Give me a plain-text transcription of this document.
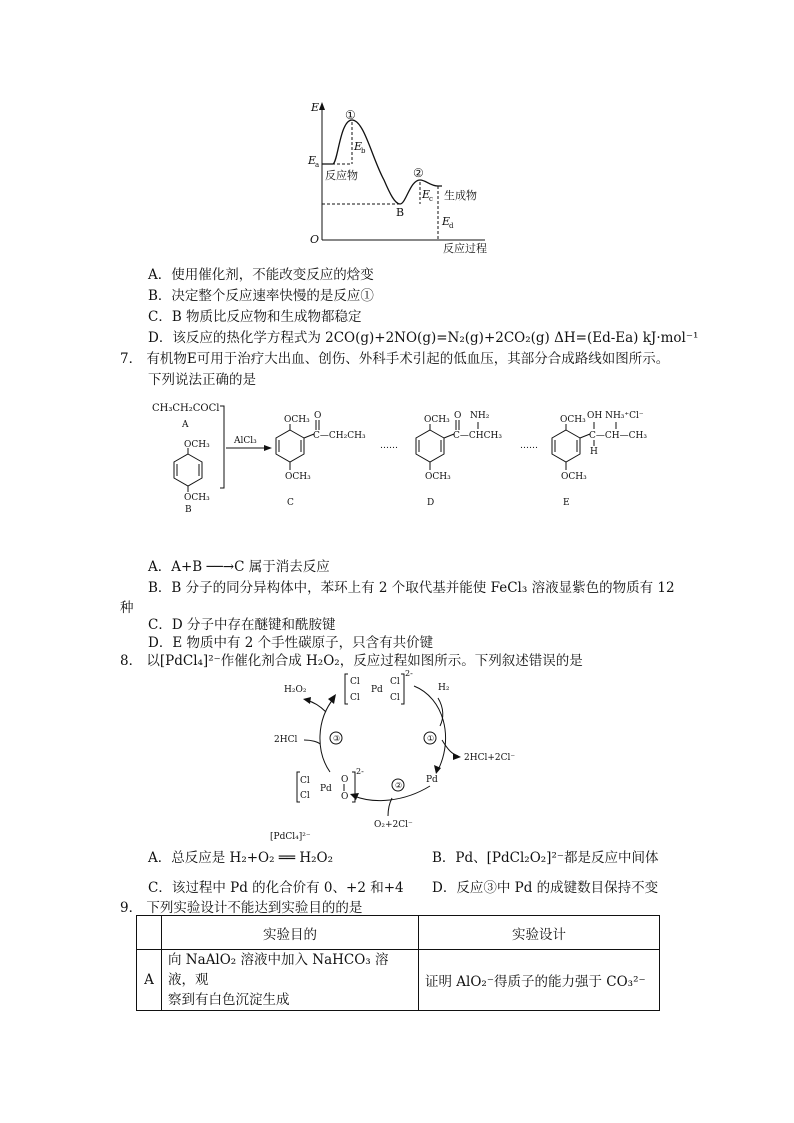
E
O
①
E
b
E
a
反应物	②
E
c 生成物
B
E
d
反应过程
A．使用催化剂，不能改变反应的焓变
B．决定整个反应速率快慢的是反应①
C．B 物质比反应物和生成物都稳定
D．该反应的热化学方程式为 2CO(g)+2NO(g)=N₂(g)+2CO₂(g) ΔH=(Ed-Ea) kJ·mol⁻¹
7． 有机物E可用于治疗大出血、创伤、外科手术引起的低血压，其部分合成路线如图所示。
下列说法正确的是
CH₃CH₂COCl
A
OCH₃
OCH₃
B
AlCl₃
OCH₃ O
C—CH₂CH₃
OCH₃
C
……
OCH₃ O NH₂
C—CHCH₃
OCH₃
D
……
OCH₃ OH NH₃⁺Cl⁻
C—CH—CH₃
H
OCH₃
E
A．A+B ──→C 属于消去反应
B．B 分子的同分异构体中，苯环上有 2 个取代基并能使 FeCl₃ 溶液显紫色的物质有 12
种
C．D 分子中存在醚键和酰胺键
D．E 物质中有 2 个手性碳原子，只含有共价键
8． 以[PdCl₄]²⁻作催化剂合成 H₂O₂，反应过程如图所示。下列叙述错误的是
Cl
Cl
Pd
Cl
Cl
2-
H₂O₂	H₂
2HCl
2HCl+2Cl⁻
Pd
O₂+2Cl⁻
①
②
③
Cl
Cl
Pd
O
O
2-
A．总反应是 H₂+O₂ ══ H₂O₂
[PdCl₄]²⁻
B．Pd、[PdCl₂O₂]²⁻都是反应中间体
C．该过程中 Pd 的化合价有 0、+2 和+4 D．反应③中 Pd 的成键数目保持不变
9． 下列实验设计不能达到实验目的的是
	实验目的	实验设计
A	向 NaAlO₂ 溶液中加入 NaHCO₃ 溶液，观
察到有白色沉淀生成	证明 AlO₂⁻得质子的能力强于 CO₃²⁻
